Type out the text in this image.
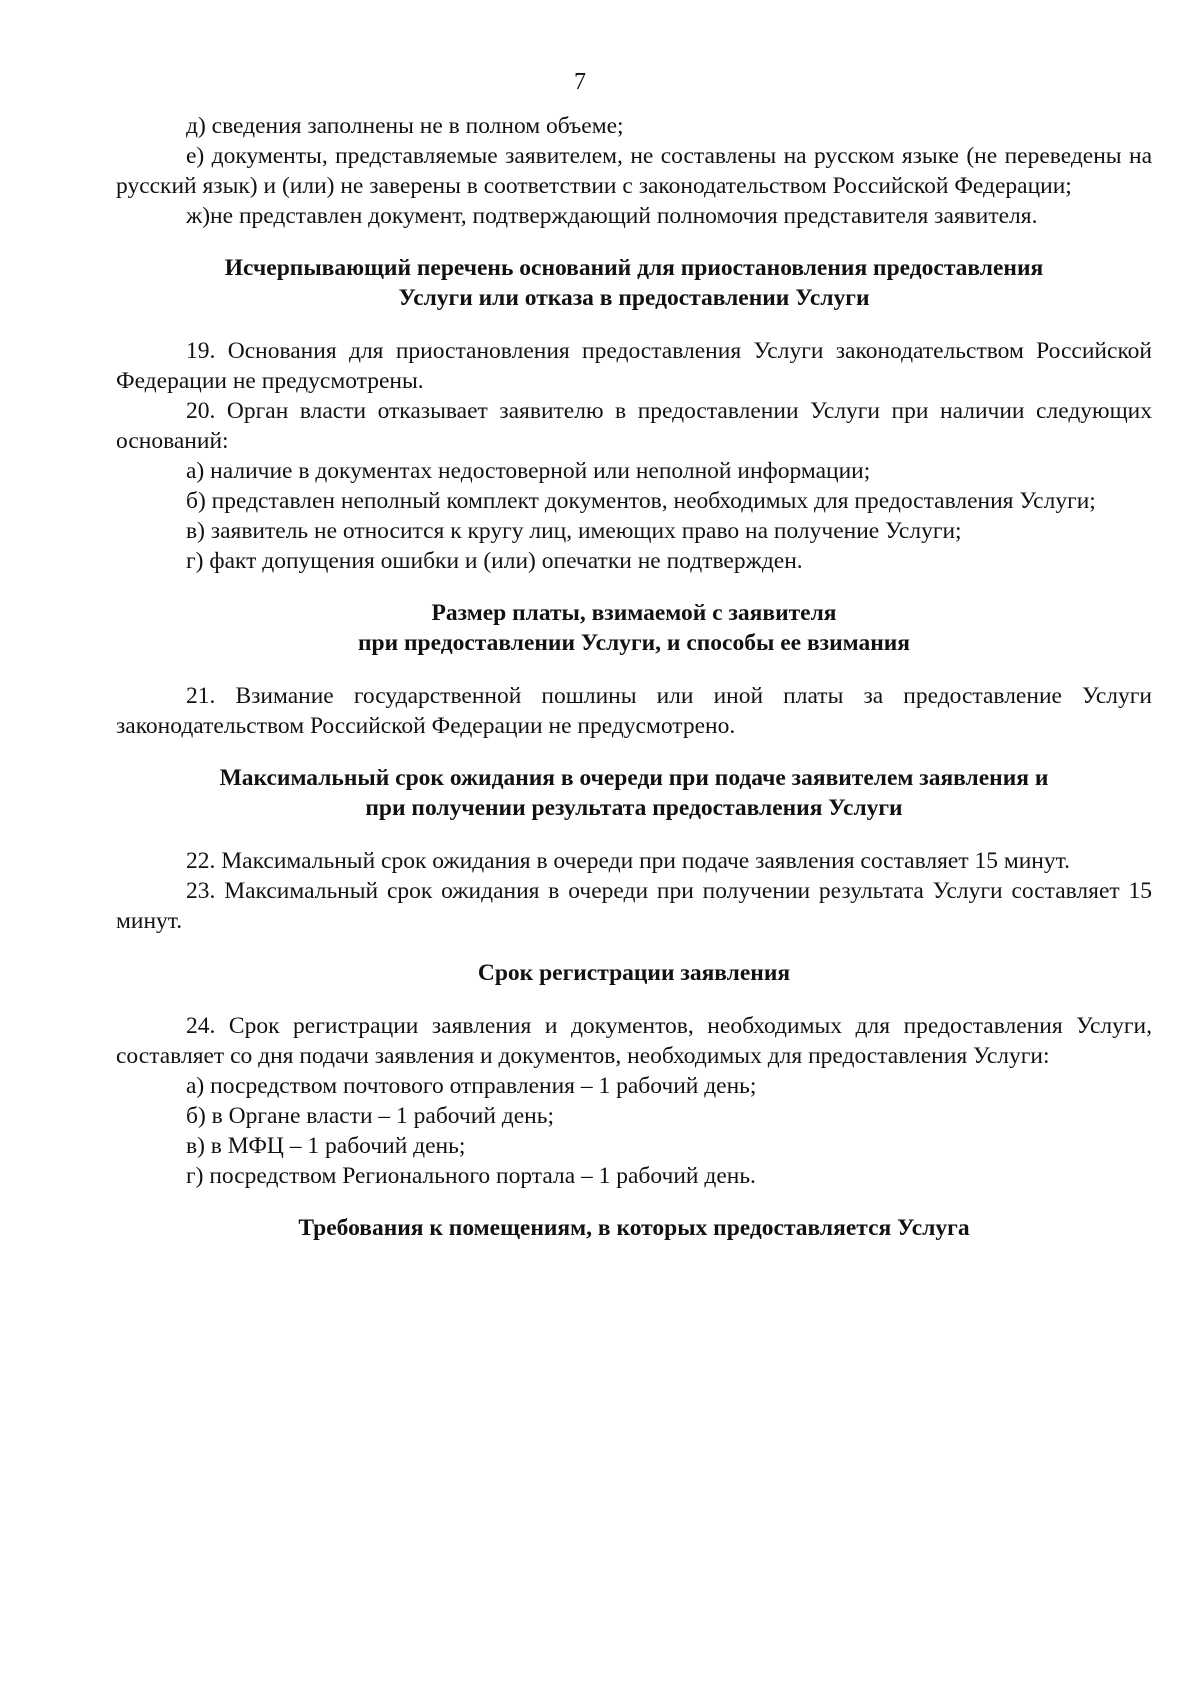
7

д) сведения заполнены не в полном объеме;

е) документы, представляемые заявителем, не составлены на русском языке (не переведены на русский язык) и (или) не заверены в соответствии с законодательством Российской Федерации;

ж)не представлен документ, подтверждающий полномочия представителя заявителя.

Исчерпывающий перечень оснований для приостановления предоставления
Услуги или отказа в предоставлении Услуги

19. Основания для приостановления предоставления Услуги законодательством Российской Федерации не предусмотрены.

20. Орган власти отказывает заявителю в предоставлении Услуги при наличии следующих оснований:

а) наличие в документах недостоверной или неполной информации;

б) представлен неполный комплект документов, необходимых для предоставления Услуги;

в) заявитель не относится к кругу лиц, имеющих право на получение Услуги;

г) факт допущения ошибки и (или) опечатки не подтвержден.

Размер платы, взимаемой с заявителя
при предоставлении Услуги, и способы ее взимания

21. Взимание государственной пошлины или иной платы за предоставление Услуги законодательством Российской Федерации не предусмотрено.

Максимальный срок ожидания в очереди при подаче заявителем заявления и
при получении результата предоставления Услуги

22. Максимальный срок ожидания в очереди при подаче заявления составляет 15 минут.

23. Максимальный срок ожидания в очереди при получении результата Услуги составляет 15 минут.

Срок регистрации заявления

24. Срок регистрации заявления и документов, необходимых для предоставления Услуги, составляет со дня подачи заявления и документов, необходимых для предоставления Услуги:

а) посредством почтового отправления – 1 рабочий день;

б) в Органе власти – 1 рабочий день;

в) в МФЦ – 1 рабочий день;

г) посредством Регионального портала – 1 рабочий день.

Требования к помещениям, в которых предоставляется Услуга
